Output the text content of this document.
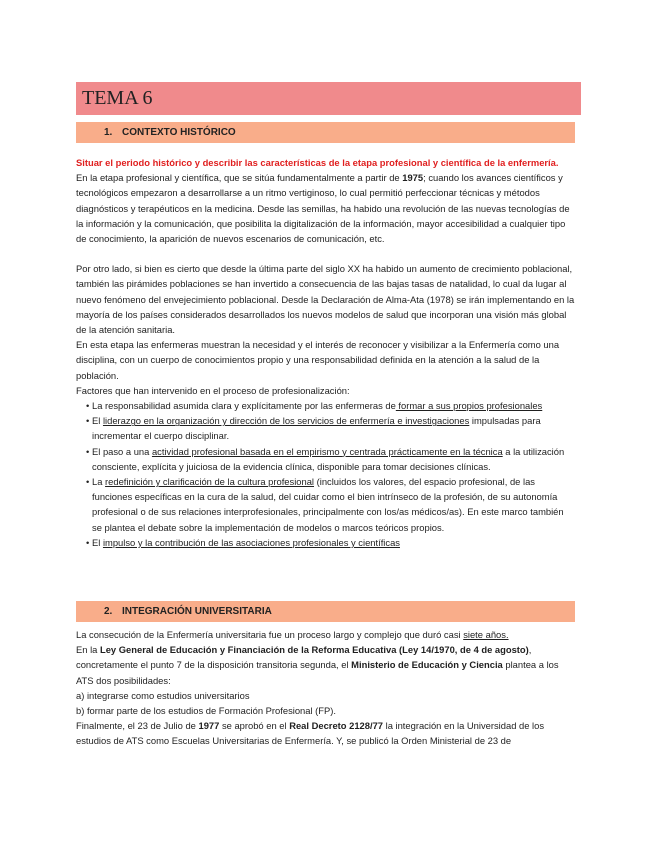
TEMA 6
1. CONTEXTO HISTÓRICO

Situar el periodo histórico y describir las características de la etapa profesional y científica de la enfermería.

En la etapa profesional y científica, que se sitúa fundamentalmente a partir de 1975; cuando los avances científicos y tecnológicos empezaron a desarrollarse a un ritmo vertiginoso, lo cual permitió perfeccionar técnicas y métodos diagnósticos y terapéuticos en la medicina. Desde las semillas, ha habido una revolución de las nuevas tecnologías de la información y la comunicación, que posibilita la digitalización de la información, mayor accesibilidad a cualquier tipo de conocimiento, la aparición de nuevos escenarios de comunicación, etc.

Por otro lado, si bien es cierto que desde la última parte del siglo XX ha habido un aumento de crecimiento poblacional, también las pirámides poblaciones se han invertido a consecuencia de las bajas tasas de natalidad, lo cual da lugar al nuevo fenómeno del envejecimiento poblacional. Desde la Declaración de Alma-Ata (1978) se irán implementando en la mayoría de los países considerados desarrollados los nuevos modelos de salud que incorporan una visión más global de la atención sanitaria.

En esta etapa las enfermeras muestran la necesidad y el interés de reconocer y visibilizar a la Enfermería como una disciplina, con un cuerpo de conocimientos propio y una responsabilidad definida en la atención a la salud de la población.

Factores que han intervenido en el proceso de profesionalización:

• La responsabilidad asumida clara y explícitamente por las enfermeras de formar a sus propios profesionales
• El liderazgo en la organización y dirección de los servicios de enfermería e investigaciones impulsadas para incrementar el cuerpo disciplinar.
• El paso a una actividad profesional basada en el empirismo y centrada prácticamente en la técnica a la utilización consciente, explícita y juiciosa de la evidencia clínica, disponible para tomar decisiones clínicas.
• La redefinición y clarificación de la cultura profesional (incluidos los valores, del espacio profesional, de las funciones específicas en la cura de la salud, del cuidar como el bien intrínseco de la profesión, de su autonomía profesional o de sus relaciones interprofesionales, principalmente con los/as médicos/as). En este marco también se plantea el debate sobre la implementación de modelos o marcos teóricos propios.
• El impulso y la contribución de las asociaciones profesionales y científicas
2. INTEGRACIÓN UNIVERSITARIA

La consecución de la Enfermería universitaria fue un proceso largo y complejo que duró casi siete años.

En la Ley General de Educación y Financiación de la Reforma Educativa (Ley 14/1970, de 4 de agosto), concretamente el punto 7 de la disposición transitoria segunda, el Ministerio de Educación y Ciencia plantea a los ATS dos posibilidades:

a) integrarse como estudios universitarios

b) formar parte de los estudios de Formación Profesional (FP).

Finalmente, el 23 de Julio de 1977 se aprobó en el Real Decreto 2128/77 la integración en la Universidad de los estudios de ATS como Escuelas Universitarias de Enfermería. Y, se publicó la Orden Ministerial de 23 de
